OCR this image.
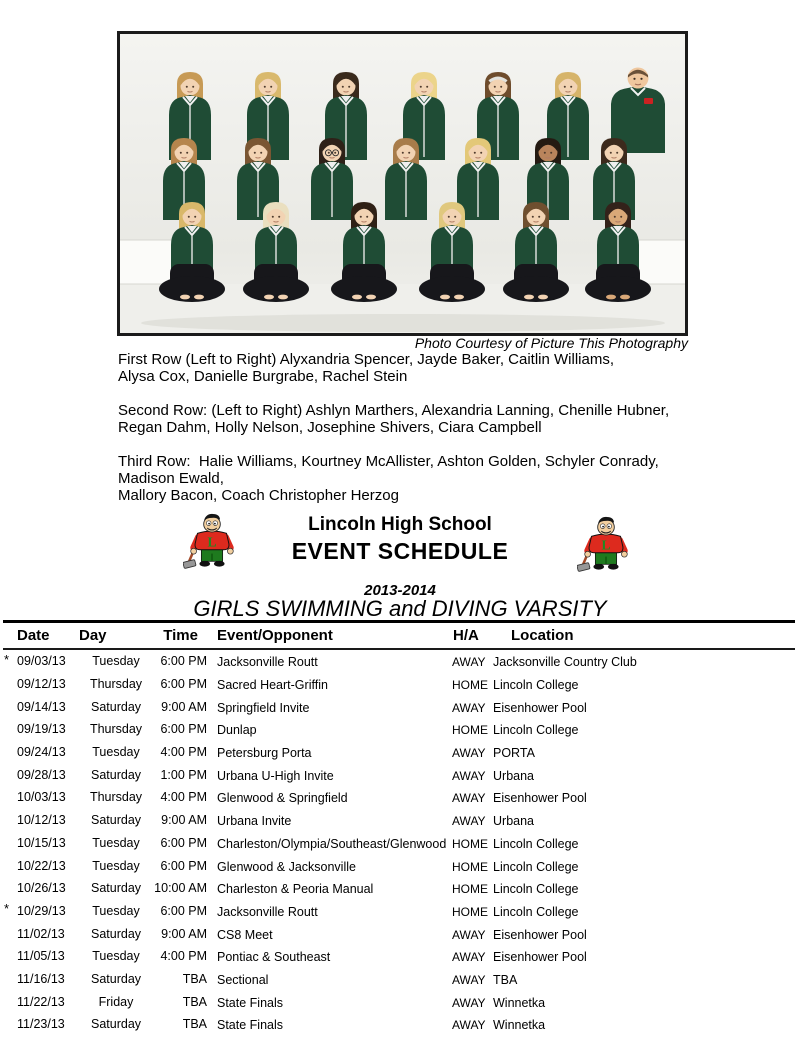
Photo Courtesy of Picture This Photography

First Row (Left to Right) Alyxandria Spencer, Jayde Baker, Caitlin Williams,
Alysa Cox, Danielle Burgrabe, Rachel Stein

Second Row: (Left to Right) Ashlyn Marthers, Alexandria Lanning, Chenille Hubner,
Regan Dahm, Holly Nelson, Josephine Shivers, Ciara Campbell

Third Row:  Halie Williams, Kourtney McAllister, Ashton Golden, Schyler Conrady,
Madison Ewald,
Mallory Bacon, Coach Christopher Herzog

Lincoln High School
EVENT SCHEDULE
2013-2014
GIRLS SWIMMING and DIVING VARSITY
Date	Day	Time	Event/Opponent	H/A	Location
* 09/03/13	Tuesday	6:00 PM Jacksonville Routt	AWAY Jacksonville Country Club
09/12/13	Thursday	6:00 PM Sacred Heart-Griffin	HOME Lincoln College
09/14/13	Saturday	9:00 AM Springfield Invite	AWAY Eisenhower Pool
09/19/13	Thursday	6:00 PM Dunlap	HOME Lincoln College
09/24/13	Tuesday	4:00 PM Petersburg Porta	AWAY PORTA
09/28/13	Saturday	1:00 PM Urbana U-High Invite	AWAY Urbana
10/03/13	Thursday	4:00 PM Glenwood & Springfield	AWAY Eisenhower Pool
10/12/13	Saturday	9:00 AM Urbana Invite	AWAY Urbana
10/15/13	Tuesday	6:00 PM Charleston/Olympia/Southeast/Glenwood HOME Lincoln College
10/22/13	Tuesday	6:00 PM Glenwood & Jacksonville	HOME Lincoln College
10/26/13	Saturday	10:00 AM Charleston & Peoria Manual	HOME Lincoln College
* 10/29/13	Tuesday	6:00 PM Jacksonville Routt	HOME Lincoln College
11/02/13	Saturday	9:00 AM CS8 Meet	AWAY Eisenhower Pool
11/05/13	Tuesday	4:00 PM Pontiac & Southeast	AWAY Eisenhower Pool
11/16/13	Saturday	TBA Sectional	AWAY TBA
11/22/13	Friday	TBA State Finals	AWAY Winnetka
11/23/13	Saturday	TBA State Finals	AWAY Winnetka
